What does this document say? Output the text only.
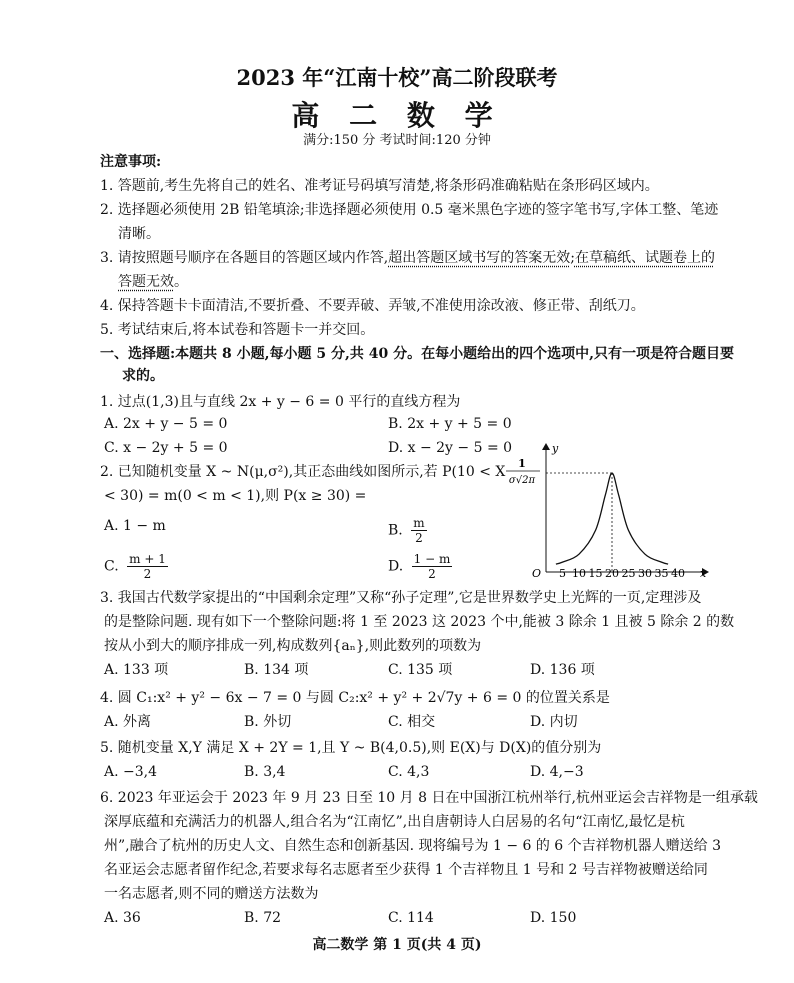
2023 年“江南十校”高二阶段联考
高 二 数 学
满分:150 分 考试时间:120 分钟
注意事项:
1. 答题前,考生先将自己的姓名、准考证号码填写清楚,将条形码准确粘贴在条形码区域内。
2. 选择题必须使用 2B 铅笔填涂;非选择题必须使用 0.5 毫米黑色字迹的签字笔书写,字体工整、笔迹
清晰。
3. 请按照题号顺序在各题目的答题区域内作答,超出答题区域书写的答案无效;在草稿纸、试题卷上的
答题无效。
4. 保持答题卡卡面清洁,不要折叠、不要弄破、弄皱,不准使用涂改液、修正带、刮纸刀。
5. 考试结束后,将本试卷和答题卡一并交回。
一、选择题:本题共 8 小题,每小题 5 分,共 40 分。在每小题给出的四个选项中,只有一项是符合题目要
求的。
1. 过点(1,3)且与直线 2x + y − 6 = 0 平行的直线方程为
A. 2x + y − 5 = 0	B. 2x + y + 5 = 0
C. x − 2y + 5 = 0	D. x − 2y − 5 = 0
2. 已知随机变量 X ~ N(μ,σ²),其正态曲线如图所示,若 P(10 < X
< 30) = m(0 < m < 1),则 P(x ≥ 30) =
A. 1 − m	B. $\frac{m}{2}$
C. $\frac{m + 1}{2}$	D. $\frac{1 - m}{2}$	x
y
O 5 10 15 20 25 30 35 40
1
σ√2π
3. 我国古代数学家提出的“中国剩余定理”又称“孙子定理”,它是世界数学史上光辉的一页,定理涉及
的是整除问题. 现有如下一个整除问题:将 1 至 2023 这 2023 个中,能被 3 除余 1 且被 5 除余 2 的数
按从小到大的顺序排成一列,构成数列{aₙ},则此数列的项数为
A. 133 项	B. 134 项	C. 135 项	D. 136 项
4. 圆 C₁:x² + y² − 6x − 7 = 0 与圆 C₂:x² + y² + 2√7y + 6 = 0 的位置关系是
A. 外离	B. 外切	C. 相交	D. 内切
5. 随机变量 X,Y 满足 X + 2Y = 1,且 Y ~ B(4,0.5),则 E(X)与 D(X)的值分别为
A. −3,4	B. 3,4	C. 4,3	D. 4,−3
6. 2023 年亚运会于 2023 年 9 月 23 日至 10 月 8 日在中国浙江杭州举行,杭州亚运会吉祥物是一组承载
深厚底蕴和充满活力的机器人,组合名为“江南忆”,出自唐朝诗人白居易的名句“江南忆,最忆是杭
州”,融合了杭州的历史人文、自然生态和创新基因. 现将编号为 1 − 6 的 6 个吉祥物机器人赠送给 3
名亚运会志愿者留作纪念,若要求每名志愿者至少获得 1 个吉祥物且 1 号和 2 号吉祥物被赠送给同
一名志愿者,则不同的赠送方法数为
A. 36	B. 72	C. 114	D. 150
高二数学 第 1 页(共 4 页)
